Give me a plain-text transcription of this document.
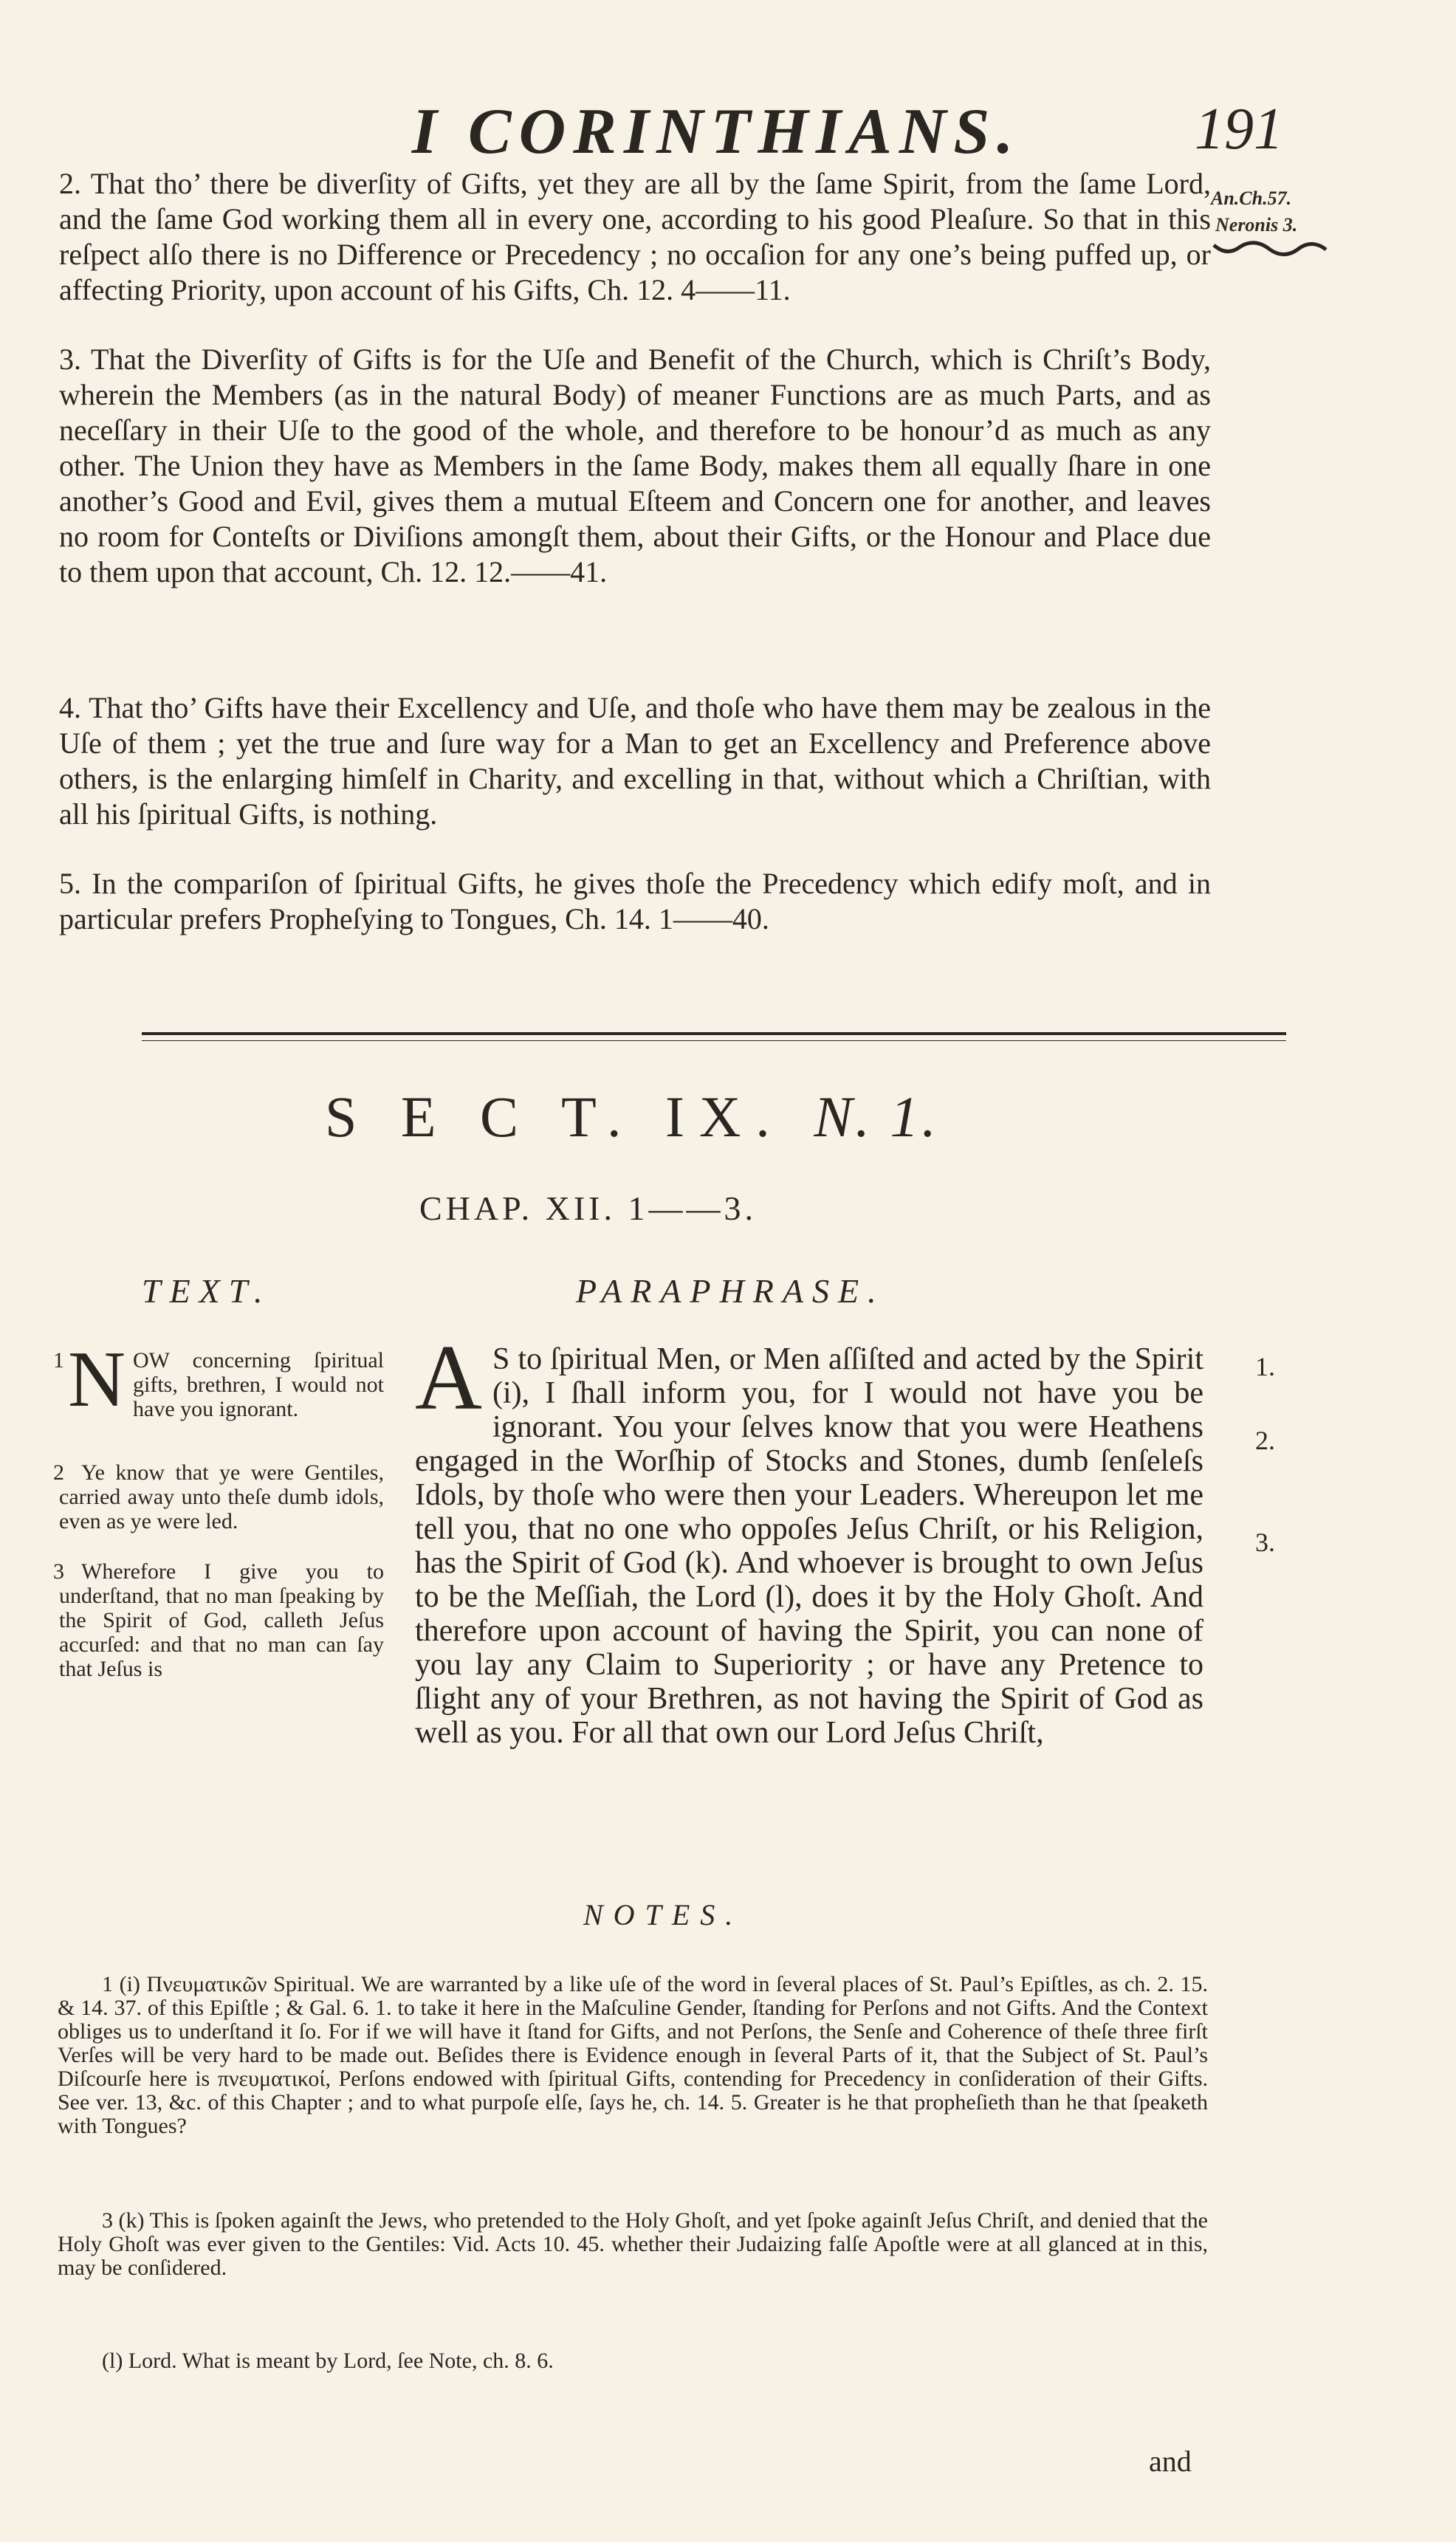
I CORINTHIANS.	191
An.Ch.57.
Neronis 3.

2. That tho’ there be diverſity of Gifts, yet they are all by the ſame Spirit, from the ſame Lord, and the ſame God working them all in every one, according to his good Pleaſure. So that in this reſpect alſo there is no Difference or Precedency ; no occaſion for any one’s being puffed up, or affecting Priority, upon account of his Gifts, Ch. 12. 4——11.

3. That the Diverſity of Gifts is for the Uſe and Benefit of the Church, which is Chriſt’s Body, wherein the Members (as in the natural Body) of meaner Functions are as much Parts, and as neceſſary in their Uſe to the good of the whole, and therefore to be honour’d as much as any other. The Union they have as Members in the ſame Body, makes them all equally ſhare in one another’s Good and Evil, gives them a mutual Eſteem and Concern one for another, and leaves no room for Conteſts or Diviſions amongſt them, about their Gifts, or the Honour and Place due to them upon that account, Ch. 12. 12.——41.

4. That tho’ Gifts have their Excellency and Uſe, and thoſe who have them may be zealous in the Uſe of them ; yet the true and ſure way for a Man to get an Excellency and Preference above others, is the enlarging himſelf in Charity, and excelling in that, without which a Chriſtian, with all his ſpiritual Gifts, is nothing.

5. In the compariſon of ſpiritual Gifts, he gives thoſe the Precedency which edify moſt, and in particular prefers Propheſying to Tongues, Ch. 14. 1——40.

S E C T. IX. N. 1.
CHAP. XII. 1——3.
TEXT.	PARAPHRASE.
1 N OW concerning ſpiritual gifts, brethren, I would not have you ignorant.
2 Ye know that ye were Gentiles, carried away unto theſe dumb idols, even as ye were led.
3 Wherefore I give you to underſtand, that no man ſpeaking by the Spirit of God, calleth Jeſus accurſed: and that no man can ſay that Jeſus is
A S to ſpiritual Men, or Men aſſiſted and acted by the Spirit (i), I ſhall inform you, for I would not have you be ignorant. You your ſelves know that you were Heathens engaged in the Worſhip of Stocks and Stones, dumb ſenſeleſs Idols, by thoſe who were then your Leaders. Whereupon let me tell you, that no one who oppoſes Jeſus Chriſt, or his Religion, has the Spirit of God (k). And whoever is brought to own Jeſus to be the Meſſiah, the Lord (l), does it by the Holy Ghoſt. And therefore upon account of having the Spirit, you can none of you lay any Claim to Superiority ; or have any Pretence to ſlight any of your Brethren, as not having the Spirit of God as well as you. For all that own our Lord Jeſus Chriſt,
1.
2.
3.
NOTES.

1 (i) Πνευματικῶν Spiritual. We are warranted by a like uſe of the word in ſeveral places of St. Paul’s Epiſtles, as ch. 2. 15. & 14. 37. of this Epiſtle ; & Gal. 6. 1. to take it here in the Maſculine Gender, ſtanding for Perſons and not Gifts. And the Context obliges us to underſtand it ſo. For if we will have it ſtand for Gifts, and not Perſons, the Senſe and Coherence of theſe three firſt Verſes will be very hard to be made out. Beſides there is Evidence enough in ſeveral Parts of it, that the Subject of St. Paul’s Diſcourſe here is πνευματικοί, Perſons endowed with ſpiritual Gifts, contending for Precedency in conſideration of their Gifts. See ver. 13, &c. of this Chapter ; and to what purpoſe elſe, ſays he, ch. 14. 5. Greater is he that propheſieth than he that ſpeaketh with Tongues?

3 (k) This is ſpoken againſt the Jews, who pretended to the Holy Ghoſt, and yet ſpoke againſt Jeſus Chriſt, and denied that the Holy Ghoſt was ever given to the Gentiles: Vid. Acts 10. 45. whether their Judaizing falſe Apoſtle were at all glanced at in this, may be conſidered.

(l) Lord. What is meant by Lord, ſee Note, ch. 8. 6.

and
